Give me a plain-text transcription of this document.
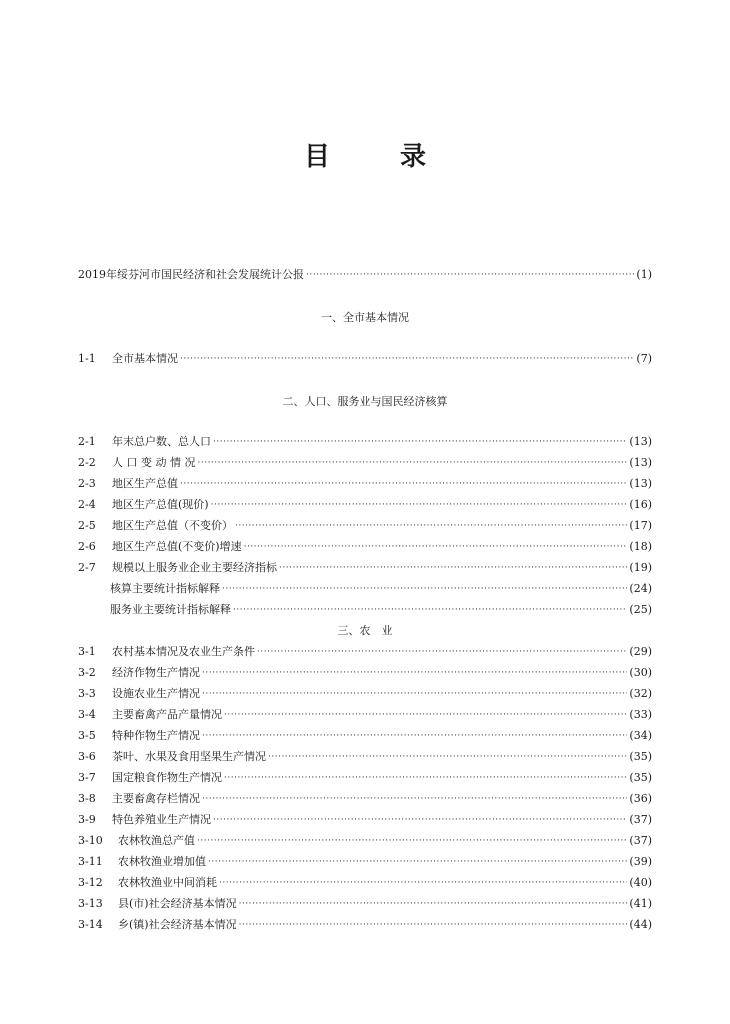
目	录
2019年绥芬河市国民经济和社会发展统计公报 ·····	(1)
一、全市基本情况
1-1	全市基本情况 ·····	(7)
二、人口、服务业与国民经济核算
2-1	年末总户数、总人口 ·····	(13)
2-2	人 口 变 动 情 况 ·····	(13)
2-3	地区生产总值 ·····	(13)
2-4	地区生产总值(现价) ·····	(16)
2-5	地区生产总值（不变价） ·····	(17)
2-6	地区生产总值(不变价)增速 ·····	(18)
2-7	规模以上服务业企业主要经济指标 ·····	(19)
核算主要统计指标解释 ·····	(24)
服务业主要统计指标解释 ·····	(25)
三、农　业
3-1	农村基本情况及农业生产条件 ·····	(29)
3-2	经济作物生产情况 ·····	(30)
3-3	设施农业生产情况 ·····	(32)
3-4	主要畜禽产品产量情况 ·····	(33)
3-5	特种作物生产情况 ·····	(34)
3-6	茶叶、水果及食用坚果生产情况 ·····	(35)
3-7	国定粮食作物生产情况 ·····	(35)
3-8	主要畜禽存栏情况 ·····	(36)
3-9	特色养殖业生产情况 ·····	(37)
3-10	农林牧渔总产值 ·····	(37)
3-11	农林牧渔业增加值 ·····	(39)
3-12	农林牧渔业中间消耗 ·····	(40)
3-13	县(市)社会经济基本情况 ·····	(41)
3-14	乡(镇)社会经济基本情况 ·····	(44)
